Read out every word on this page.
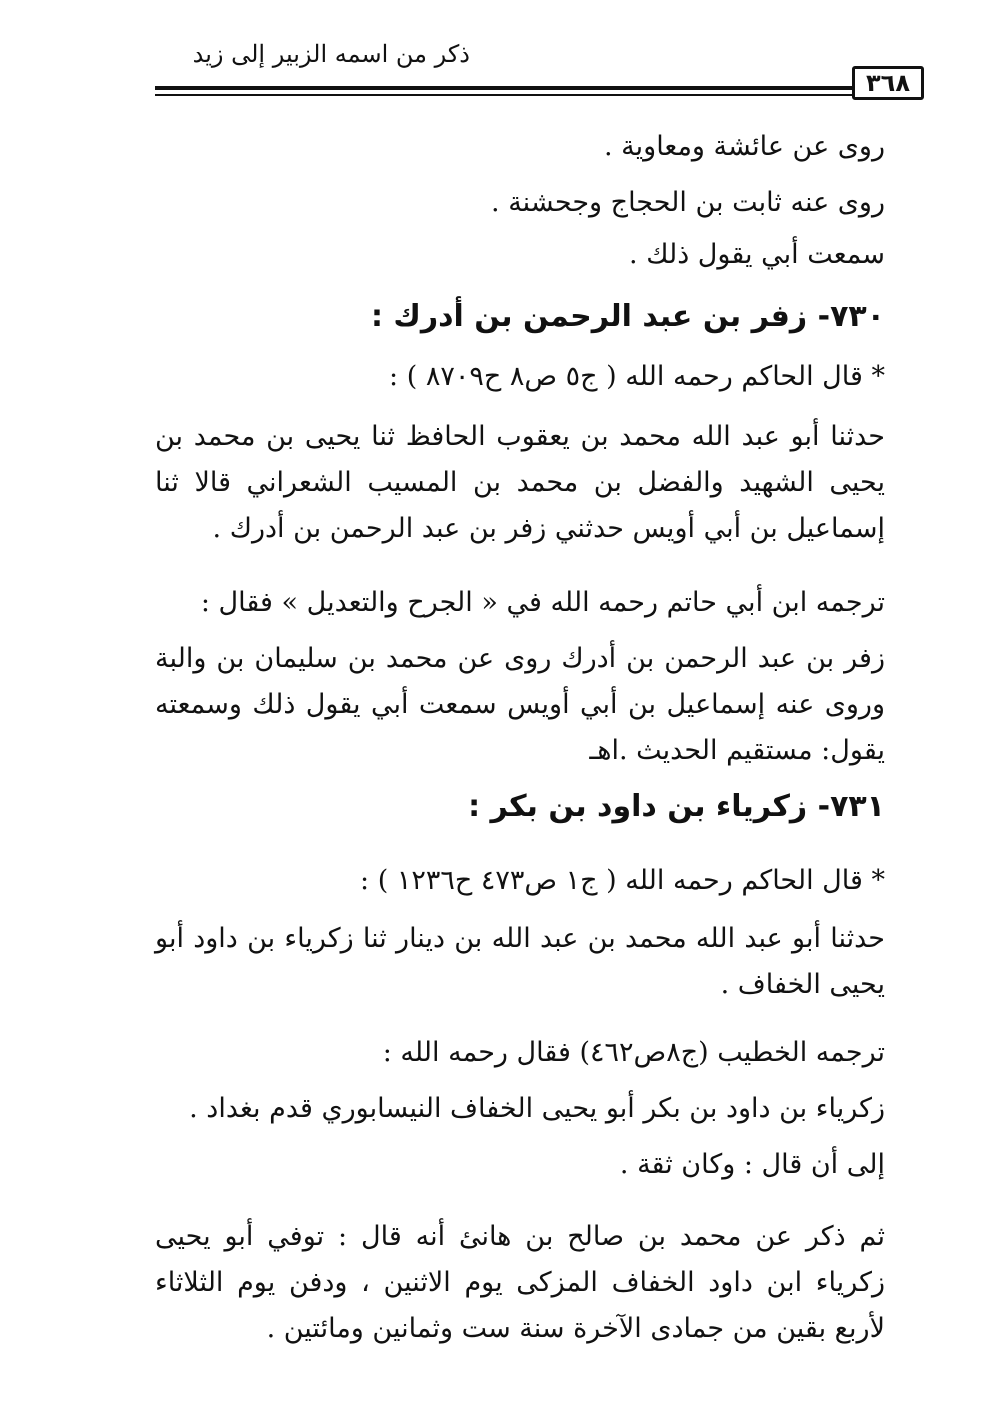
ذكر من اسمه الزبير إلى زيد
٣٦٨
روى عن عائشة ومعاوية .
روى عنه ثابت بن الحجاج وجحشنة .
سمعت أبي يقول ذلك .
٧٣٠- زفر بن عبد الرحمن بن أدرك :
* قال الحاكم رحمه الله ( ج٥ ص٨ ح٨٧٠٩ ) :
حدثنا أبو عبد الله محمد بن يعقوب الحافظ ثنا يحيى بن محمد بن يحيى الشهيد والفضل بن محمد بن المسيب الشعراني قالا ثنا إسماعيل بن أبي أويس حدثني زفر بن عبد الرحمن بن أدرك .
ترجمه ابن أبي حاتم رحمه الله في « الجرح والتعديل » فقال :
زفر بن عبد الرحمن بن أدرك روى عن محمد بن سليمان بن والبة وروى عنه إسماعيل بن أبي أويس سمعت أبي يقول ذلك وسمعته يقول: مستقيم الحديث .اهـ
٧٣١- زكرياء بن داود بن بكر :
* قال الحاكم رحمه الله ( ج١ ص٤٧٣ ح١٢٣٦ ) :
حدثنا أبو عبد الله محمد بن عبد الله بن دينار ثنا زكرياء بن داود أبو يحيى الخفاف .
ترجمه الخطيب (ج٨ص٤٦٢) فقال رحمه الله :
زكرياء بن داود بن بكر أبو يحيى الخفاف النيسابوري قدم بغداد .
إلى أن قال : وكان ثقة .
ثم ذكر عن محمد بن صالح بن هانئ أنه قال : توفي أبو يحيى زكرياء ابن داود الخفاف المزكى يوم الاثنين ، ودفن يوم الثلاثاء لأربع بقين من جمادى الآخرة سنة ست وثمانين ومائتين .
